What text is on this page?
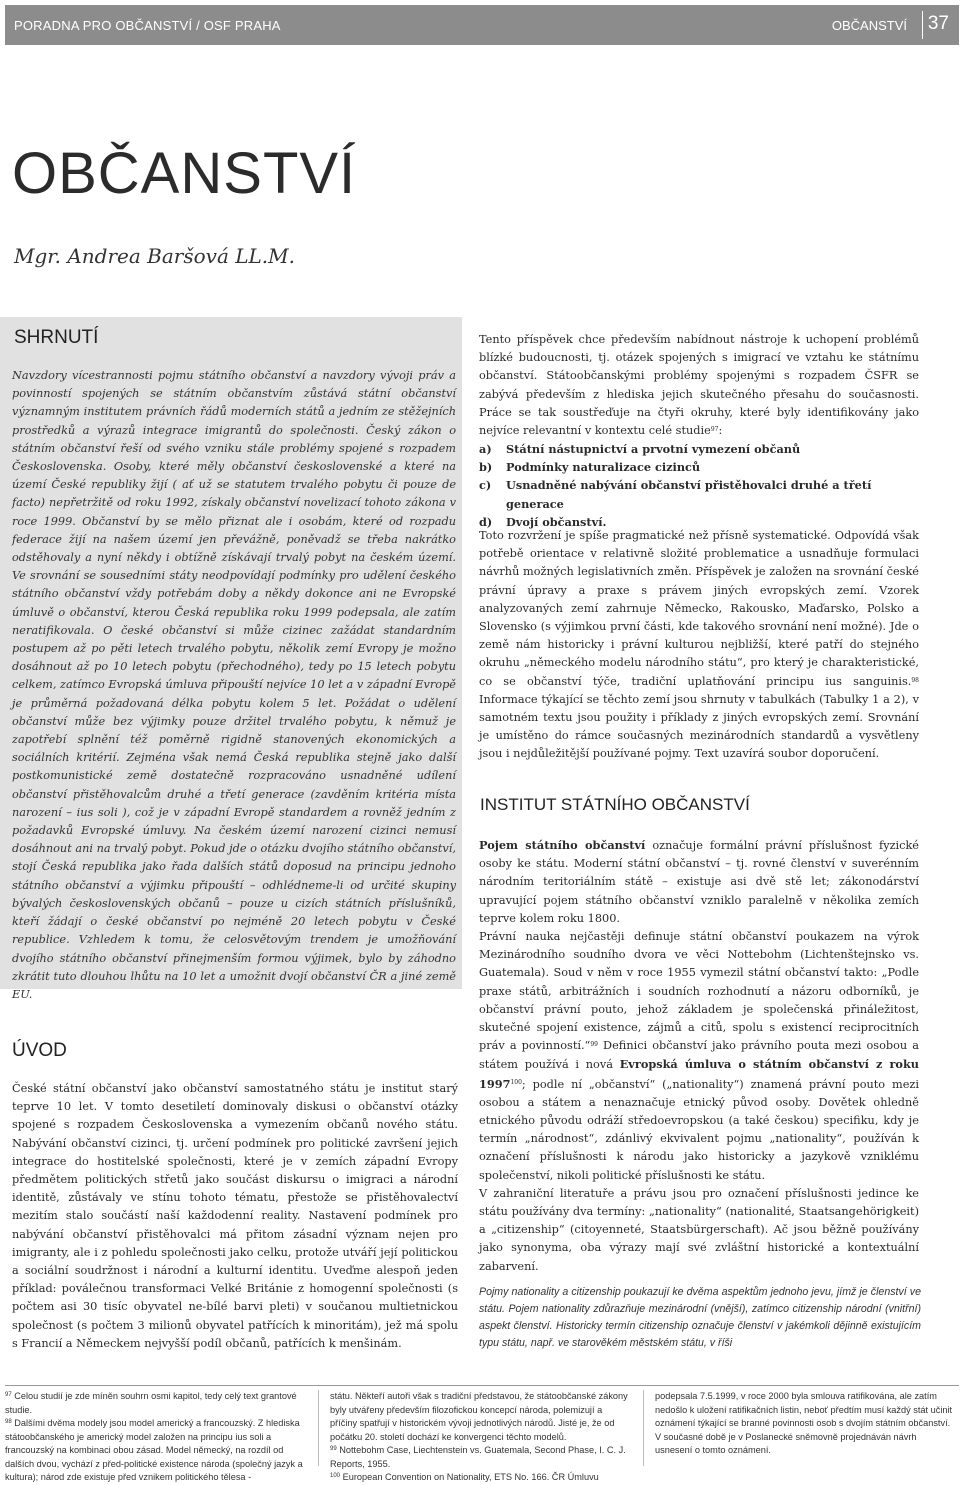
PORADNA PRO OBČANSTVÍ / OSF PRAHA	OBČANSTVÍ 37
OBČANSTVÍ
Mgr. Andrea Baršová LL.M.
SHRNUTÍ

Navzdory vícestrannosti pojmu státního občanství a navzdory vývoji práv a povinností spojených se státním občanstvím zůstává státní občanství významným institutem právních řádů moderních států a jedním ze stěžejních prostředků a výrazů integrace imigrantů do společnosti. Český zákon o státním občanství řeší od svého vzniku stále problémy spojené s rozpadem Československa. Osoby, které měly občanství československé a které na území České republiky žijí ( ať už se statutem trvalého pobytu či pouze de facto) nepřetržitě od roku 1992, získaly občanství novelizací tohoto zákona v roce 1999. Občanství by se mělo přiznat ale i osobám, které od rozpadu federace žijí na našem území jen převážně, poněvadž se třeba nakrátko odstěhovaly a nyní někdy i obtížně získávají trvalý pobyt na českém území. Ve srovnání se sousedními státy neodpovídají podmínky pro udělení českého státního občanství vždy potřebám doby a někdy dokonce ani ne Evropské úmluvě o občanství, kterou Česká republika roku 1999 podepsala, ale zatím neratifikovala. O české občanství si může cizinec zažádat standardním postupem až po pěti letech trvalého pobytu, několik zemí Evropy je možno dosáhnout až po 10 letech pobytu (přechodného), tedy po 15 letech pobytu celkem, zatímco Evropská úmluva připouští nejvíce 10 let a v západní Evropě je průměrná požadovaná délka pobytu kolem 5 let. Požádat o udělení občanství může bez výjimky pouze držitel trvalého pobytu, k němuž je zapotřebí splnění též poměrně rigidně stanovených ekonomických a sociálních kritérií. Zejména však nemá Česká republika stejně jako další postkomunistické země dostatečně rozpracováno usnadněné udílení občanství přistěhovalcům druhé a třetí generace (zavděním kritéria místa narození – ius soli ), což je v západní Evropě standardem a rovněž jedním z požadavků Evropské úmluvy. Na českém území narození cizinci nemusí dosáhnout ani na trvalý pobyt. Pokud jde o otázku dvojího státního občanství, stojí Česká republika jako řada dalších států doposud na principu jednoho státního občanství a výjimku připouští – odhlédneme-li od určité skupiny bývalých československých občanů – pouze u cizích státních příslušníků, kteří žádají o české občanství po nejméně 20 letech pobytu v České republice. Vzhledem k tomu, že celosvětovým trendem je umožňování dvojího státního občanství přinejmenším formou výjimek, bylo by záhodno zkrátit tuto dlouhou lhůtu na 10 let a umožnit dvojí občanství ČR a jiné země EU.

ÚVOD

České státní občanství jako občanství samostatného státu je institut starý teprve 10 let. V tomto desetiletí dominovaly diskusi o občanství otázky spojené s rozpadem Československa a vymezením občanů nového státu. Nabývání občanství cizinci, tj. určení podmínek pro politické završení jejich integrace do hostitelské společnosti, které je v zemích západní Evropy předmětem politických střetů jako součást diskursu o imigraci a národní identitě, zůstávaly ve stínu tohoto tématu, přestože se přistěhovalectví mezitím stalo součástí naší každodenní reality. Nastavení podmínek pro nabývání občanství přistěhovalci má přitom zásadní význam nejen pro imigranty, ale i z pohledu společnosti jako celku, protože utváří její politickou a sociální soudržnost i národní a kulturní identitu. Uveďme alespoň jeden příklad: poválečnou transformaci Velké Británie z homogenní společnosti (s počtem asi 30 tisíc obyvatel ne-bílé barvi pleti) v součanou multietnickou společnost (s počtem 3 milionů obyvatel patřících k minoritám), jež má spolu s Francií a Německem nejvyšší podíl občanů, patřících k menšinám.

Tento příspěvek chce především nabídnout nástroje k uchopení problémů blízké budoucnosti, tj. otázek spojených s imigrací ve vztahu ke státnímu občanství. Státoobčanskými problémy spojenými s rozpadem ČSFR se zabývá především z hlediska jejich skutečného přesahu do současnosti. Práce se tak soustřeďuje na čtyři okruhy, které byly identifikovány jako nejvíce relevantní v kontextu celé studie$^{97}$:

a)	Státní nástupnictví a prvotní vymezení občanů
b)	Podmínky naturalizace cizinců
c)	Usnadněné nabývání občanství přistěhovalci druhé a třetí generace
d)	Dvojí občanství.

Toto rozvržení je spíše pragmatické než přísně systematické. Odpovídá však potřebě orientace v relativně složité problematice a usnadňuje formulaci návrhů možných legislativních změn. Příspěvek je založen na srovnání české právní úpravy a praxe s právem jiných evropských zemí. Vzorek analyzovaných zemí zahrnuje Německo, Rakousko, Maďarsko, Polsko a Slovensko (s výjimkou první části, kde takového srovnání není možné). Jde o země nám historicky i právní kulturou nejbližší, které patří do stejného okruhu „německého modelu národního státu“, pro který je charakteristické, co se občanství týče, tradiční uplatňování principu ius sanguinis.$^{98}$ Informace týkající se těchto zemí jsou shrnuty v tabulkách (Tabulky 1 a 2), v samotném textu jsou použity i příklady z jiných evropských zemí. Srovnání je umístěno do rámce současných mezinárodních standardů a vysvětleny jsou i nejdůležitější používané pojmy. Text uzavírá soubor doporučení.

INSTITUT STÁTNÍHO OBČANSTVÍ

Pojem státního občanství označuje formální právní příslušnost fyzické osoby ke státu. Moderní státní občanství – tj. rovné členství v suverénním národním teritoriálním státě – existuje asi dvě stě let; zákonodárství upravující pojem státního občanství vzniklo paralelně v několika zemích teprve kolem roku 1800.

Právní nauka nejčastěji definuje státní občanství poukazem na výrok Mezinárodního soudního dvora ve věci Nottebohm (Lichtenštejnsko vs. Guatemala). Soud v něm v roce 1955 vymezil státní občanství takto: „Podle praxe států, arbitrážních i soudních rozhodnutí a názoru odborníků, je občanství právní pouto, jehož základem je společenská přináležitost, skutečné spojení existence, zájmů a citů, spolu s existencí reciprocitních práv a povinností.“$^{99}$ Definici občanství jako právního pouta mezi osobou a státem používá i nová Evropská úmluva o státním občanství z roku 1997$^{100}$; podle ní „občanství“ („nationality“) znamená právní pouto mezi osobou a státem a nenaznačuje etnický původ osoby. Dovětek ohledně etnického původu odráží středoevropskou (a také českou) specifiku, kdy je termín „národnost“, zdánlivý ekvivalent pojmu „nationality“, používán k označení příslušnosti k národu jako historicky a jazykově vzniklému společenství, nikoli politické příslušnosti ke státu.

V zahraniční literatuře a právu jsou pro označení příslušnosti jedince ke státu používány dva termíny: „nationality“ (nationalité, Staatsangehörigkeit) a „citizenship“ (citoyenneté, Staatsbürgerschaft). Ač jsou běžně používány jako synonyma, oba výrazy mají své zvláštní historické a kontextuální zabarvení.

Pojmy nationality a citizenship poukazují ke dvěma aspektům jednoho jevu, jímž je členství ve státu. Pojem nationality zdůrazňuje mezinárodní (vnější), zatímco citizenship národní (vnitřní) aspekt členství. Historicky termín citizenship označuje členství v jakémkoli dějinně existujícím typu státu, např. ve starověkém městském státu, v říši
$^{97}$ Celou studií je zde míněn souhrn osmi kapitol, tedy celý text grantové studie.
$^{98}$ Dalšími dvěma modely jsou model americký a francouzský. Z hlediska státoobčanského je americký model založen na principu ius soli a francouzský na kombinaci obou zásad. Model německý, na rozdíl od dalších dvou, vychází z před-politické existence národa (společný jazyk a kultura); národ zde existuje před vznikem politického tělesa -
státu. Někteří autoři však s tradiční představou, že státoobčanské zákony byly utvářeny především filozofickou koncepcí národa, polemizují a příčiny spatřují v historickém vývoji jednotlivých národů. Jisté je, že od počátku 20. století dochází ke konvergenci těchto modelů.
$^{99}$ Nottebohm Case, Liechtenstein vs. Guatemala, Second Phase, I. C. J. Reports, 1955.
$^{100}$ European Convention on Nationality, ETS No. 166. ČR Úmluvu
podepsala 7.5.1999, v roce 2000 byla smlouva ratifikována, ale zatím nedošlo k uložení ratifikačních listin, neboť předtím musí každý stát učinit oznámení týkající se branné povinnosti osob s dvojím státním občanství. V současné době je v Poslanecké sněmovně projednáván návrh usnesení o tomto oznámení.
